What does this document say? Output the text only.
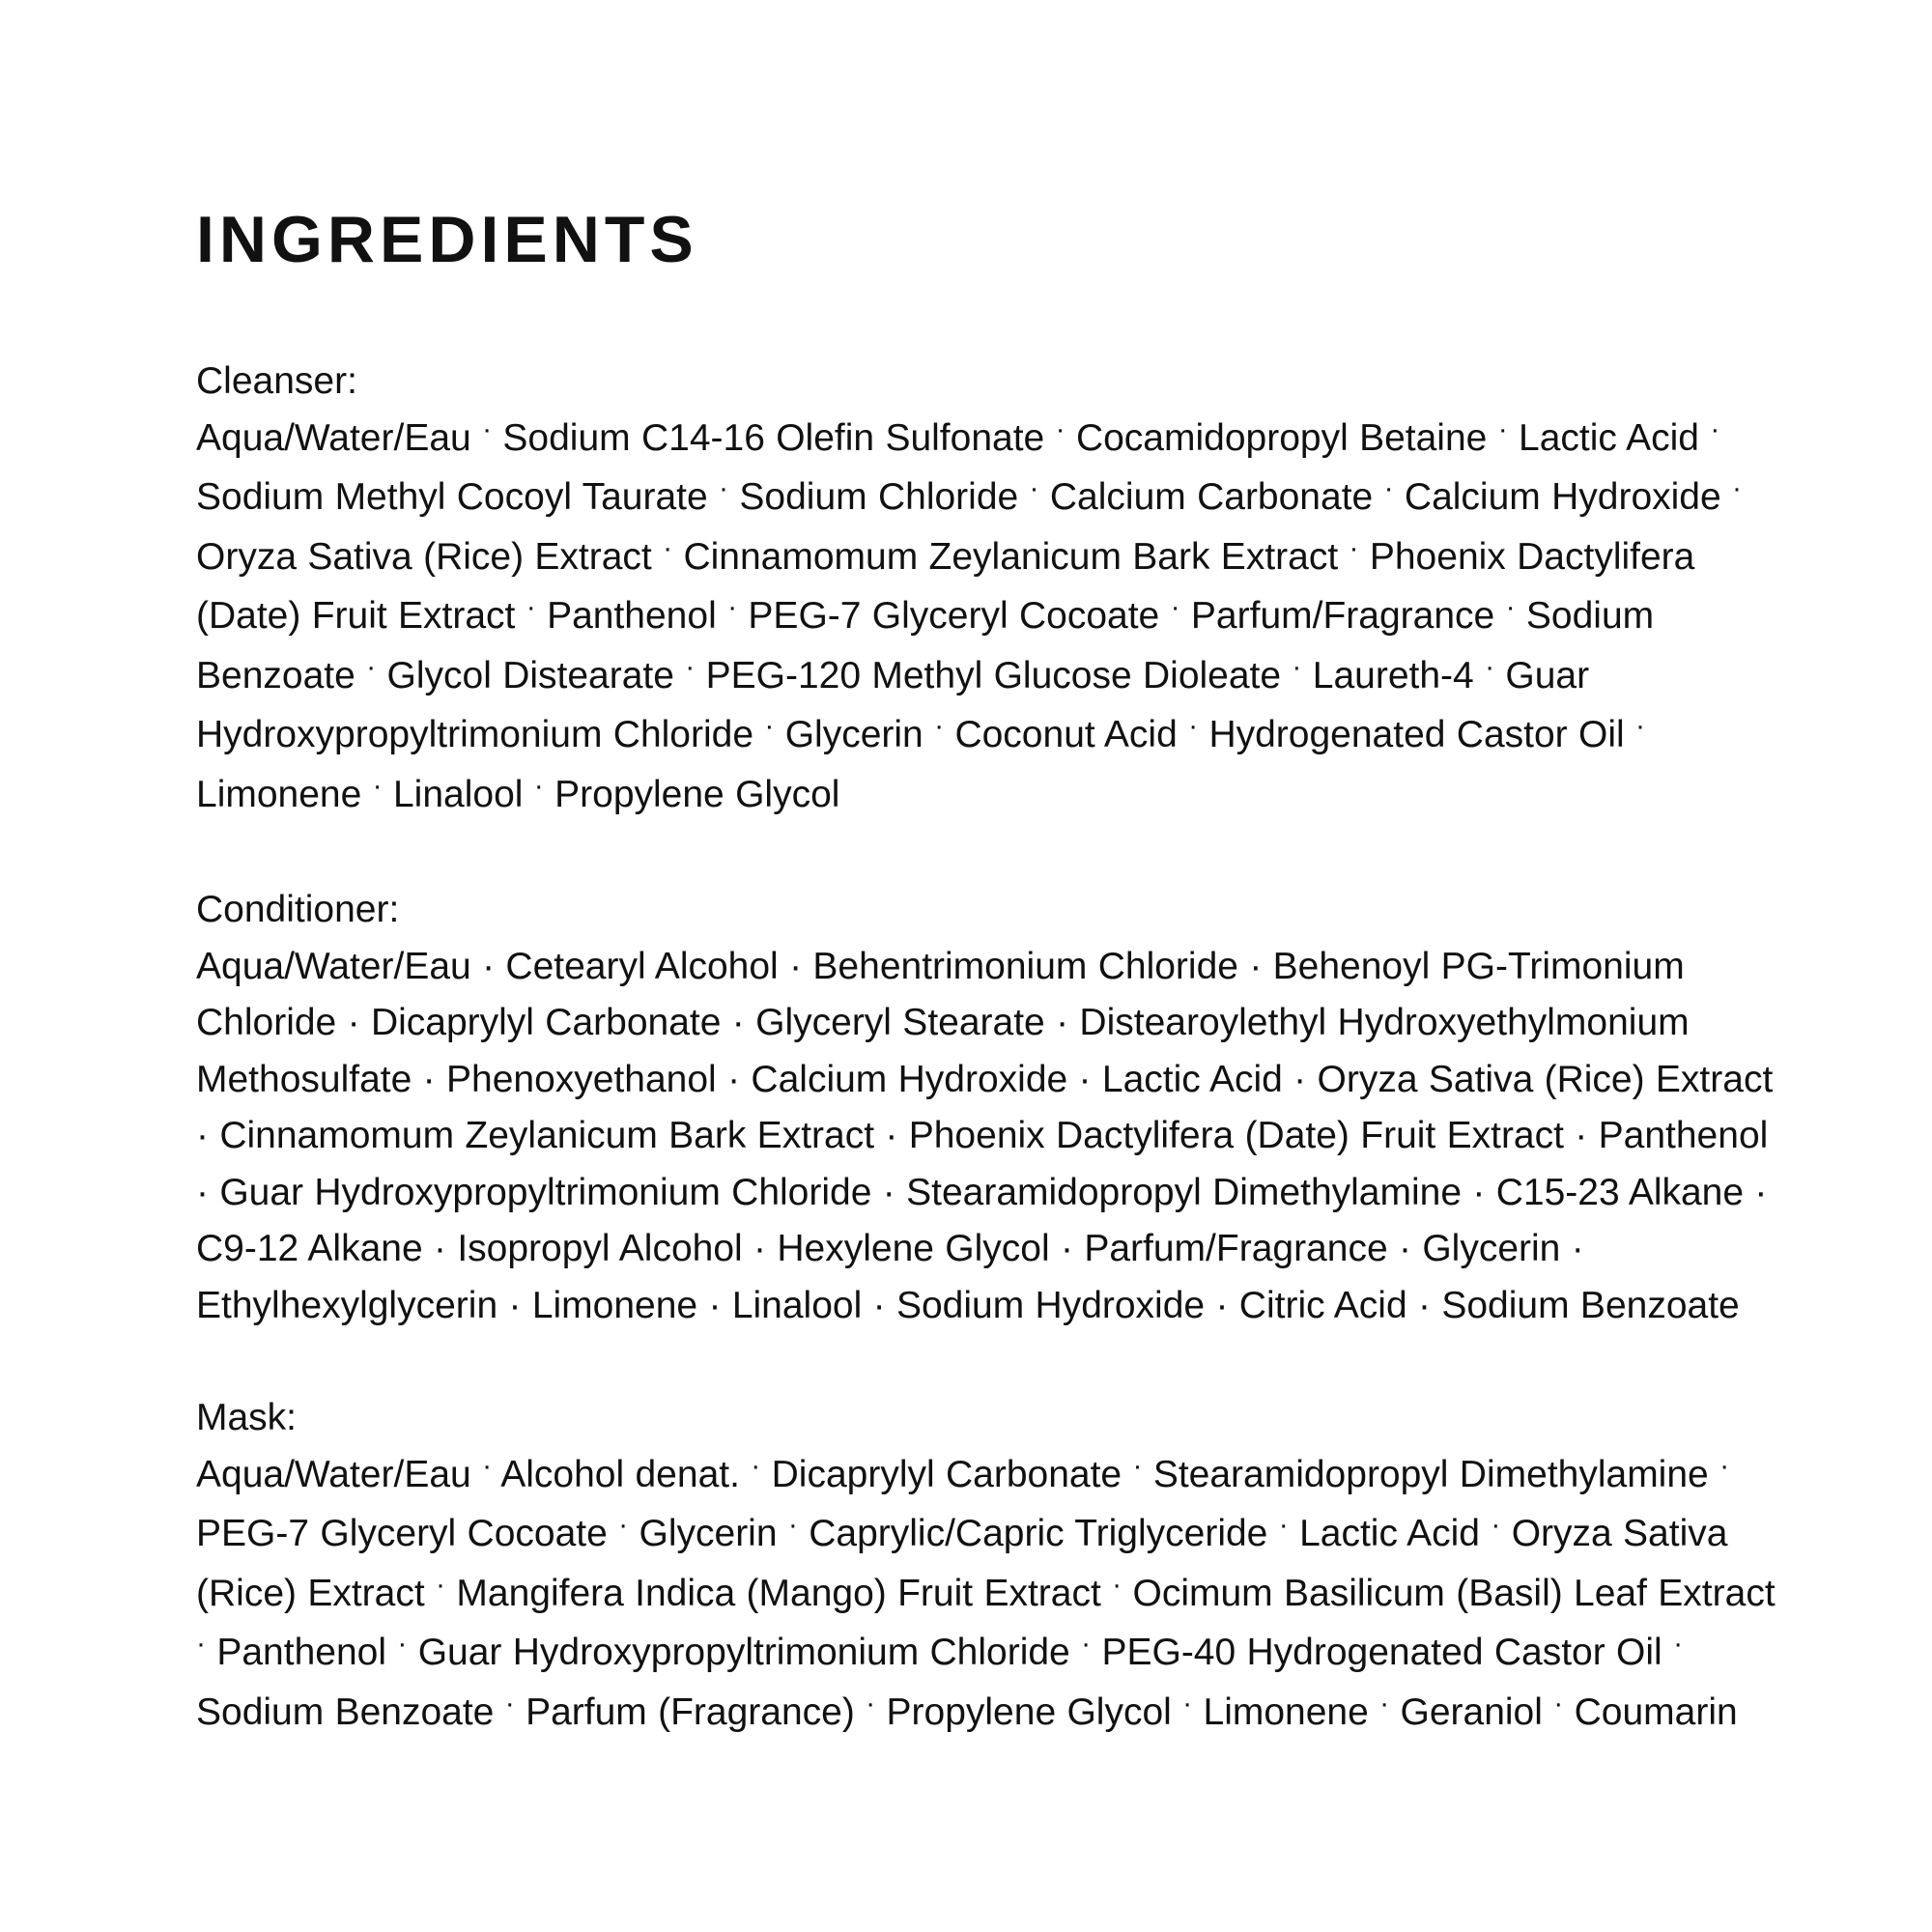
INGREDIENTS

Cleanser:

Aqua/Water/Eau · Sodium C14-16 Olefin Sulfonate · Cocamidopropyl Betaine · Lactic Acid · Sodium Methyl Cocoyl Taurate · Sodium Chloride · Calcium Carbonate · Calcium Hydroxide · Oryza Sativa (Rice) Extract · Cinnamomum Zeylanicum Bark Extract · Phoenix Dactylifera (Date) Fruit Extract · Panthenol · PEG-7 Glyceryl Cocoate · Parfum/Fragrance · Sodium Benzoate · Glycol Distearate · PEG-120 Methyl Glucose Dioleate · Laureth-4 · Guar Hydroxypropyltrimonium Chloride · Glycerin · Coconut Acid · Hydrogenated Castor Oil · Limonene · Linalool · Propylene Glycol

Conditioner:

Aqua/Water/Eau · Cetearyl Alcohol · Behentrimonium Chloride · Behenoyl PG-Trimonium Chloride · Dicaprylyl Carbonate · Glyceryl Stearate · Distearoylethyl Hydroxyethylmonium Methosulfate · Phenoxyethanol · Calcium Hydroxide · Lactic Acid · Oryza Sativa (Rice) Extract · Cinnamomum Zeylanicum Bark Extract · Phoenix Dactylifera (Date) Fruit Extract · Panthenol · Guar Hydroxypropyltrimonium Chloride · Stearamidopropyl Dimethylamine · C15-23 Alkane · C9-12 Alkane · Isopropyl Alcohol · Hexylene Glycol · Parfum/Fragrance · Glycerin · Ethylhexylglycerin · Limonene · Linalool · Sodium Hydroxide · Citric Acid · Sodium Benzoate

Mask:

Aqua/Water/Eau · Alcohol denat. · Dicaprylyl Carbonate · Stearamidopropyl Dimethylamine · PEG-7 Glyceryl Cocoate · Glycerin · Caprylic/Capric Triglyceride · Lactic Acid · Oryza Sativa (Rice) Extract · Mangifera Indica (Mango) Fruit Extract · Ocimum Basilicum (Basil) Leaf Extract · Panthenol · Guar Hydroxypropyltrimonium Chloride · PEG-40 Hydrogenated Castor Oil · Sodium Benzoate · Parfum (Fragrance) · Propylene Glycol · Limonene · Geraniol · Coumarin
